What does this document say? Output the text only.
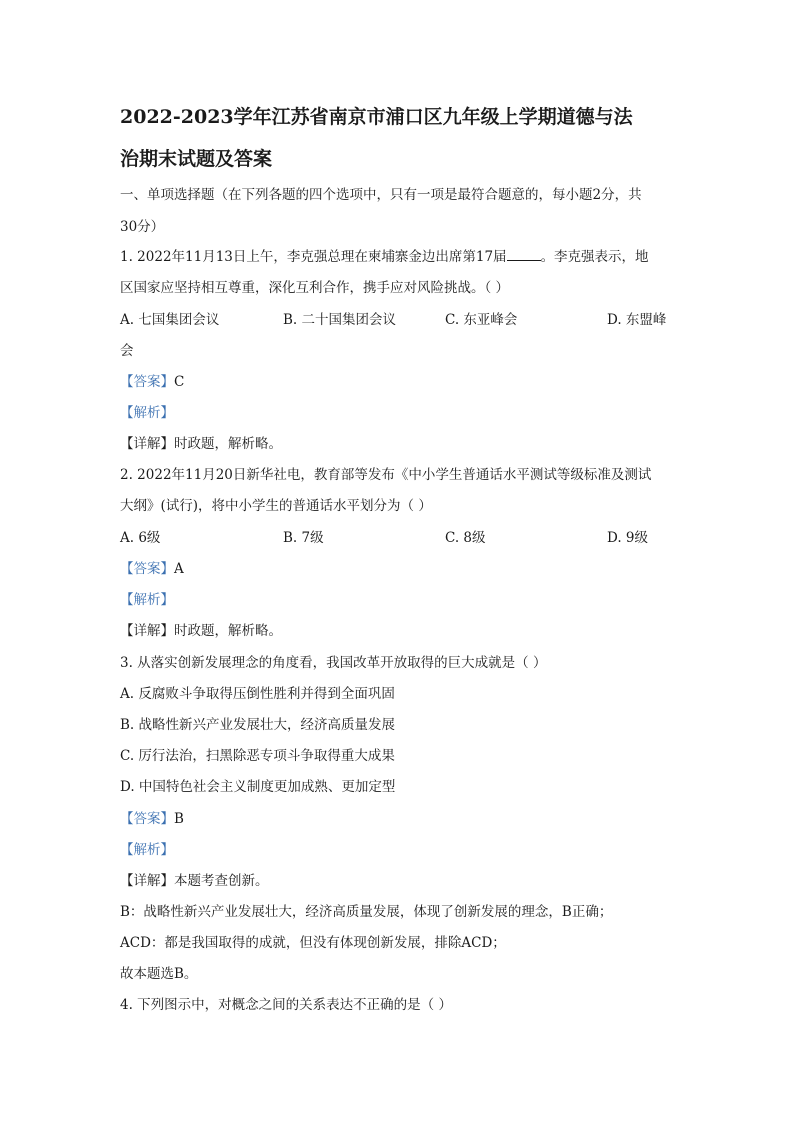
2022-2023学年江苏省南京市浦口区九年级上学期道德与法
治期末试题及答案
一、单项选择题（在下列各题的四个选项中，只有一项是最符合题意的，每小题2分，共
30分）
1. 2022年11月13日上午，李克强总理在柬埔寨金边出席第17届	。李克强表示，地
区国家应坚持相互尊重，深化互利合作，携手应对风险挑战。（ ）
A. 七国集团会议	B. 二十国集团会议	C. 东亚峰会	D. 东盟峰
会
【答案】C
【解析】
【详解】时政题，解析略。
2. 2022年11月20日新华社电，教育部等发布《中小学生普通话水平测试等级标准及测试
大纲》(试行)，将中小学生的普通话水平划分为（ ）
A. 6级	B. 7级	C. 8级	D. 9级
【答案】A
【解析】
【详解】时政题，解析略。
3. 从落实创新发展理念的角度看，我国改革开放取得的巨大成就是（ ）
A. 反腐败斗争取得压倒性胜利并得到全面巩固
B. 战略性新兴产业发展壮大，经济高质量发展
C. 厉行法治，扫黑除恶专项斗争取得重大成果
D. 中国特色社会主义制度更加成熟、更加定型
【答案】B
【解析】
【详解】本题考查创新。
B：战略性新兴产业发展壮大，经济高质量发展，体现了创新发展的理念，B正确；
ACD：都是我国取得的成就，但没有体现创新发展，排除ACD；
故本题选B。
4. 下列图示中，对概念之间的关系表达不正确的是（ ）
